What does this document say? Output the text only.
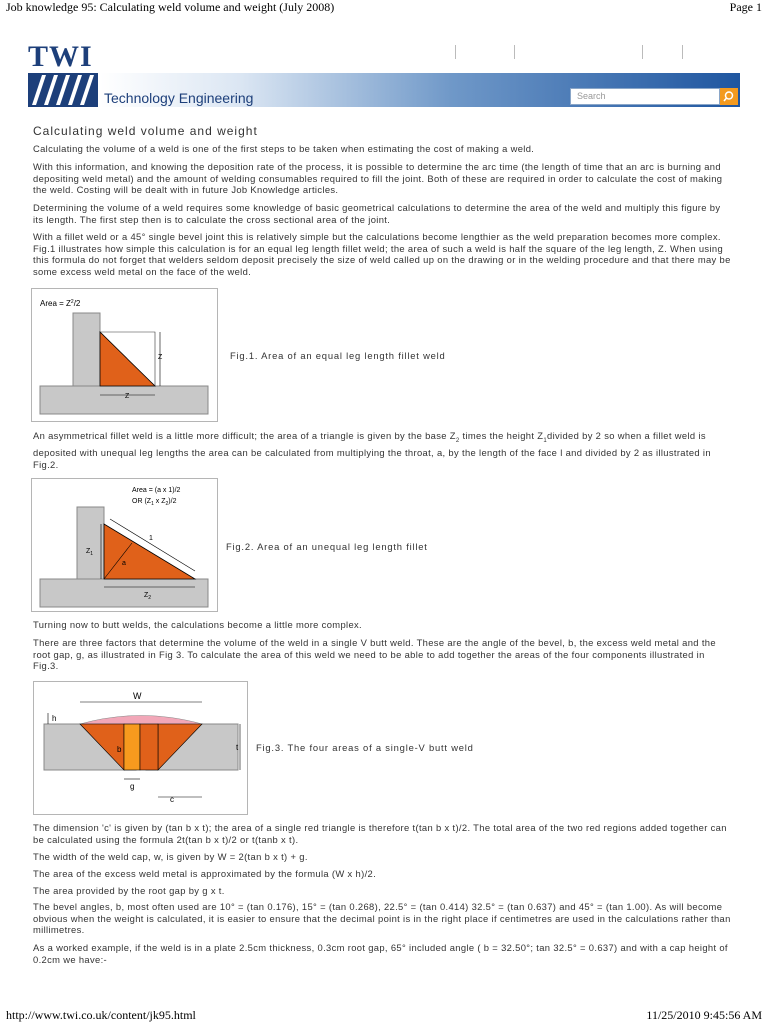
Job knowledge 95: Calculating weld volume and weight (July 2008)	Page 1
TWI
Technology Engineering	Search
Calculating weld volume and weight

Calculating the volume of a weld is one of the first steps to be taken when estimating the cost of making a weld.

With this information, and knowing the deposition rate of the process, it is possible to determine the arc time (the length of time that an arc is burning and depositing weld metal) and the amount of welding consumables required to fill the joint. Both of these are required in order to calculate the cost of making the weld. Costing will be dealt with in future Job Knowledge articles.

Determining the volume of a weld requires some knowledge of basic geometrical calculations to determine the area of the weld and multiply this figure by its length. The first step then is to calculate the cross sectional area of the joint.

With a fillet weld or a 45° single bevel joint this is relatively simple but the calculations become lengthier as the weld preparation becomes more complex. Fig.1 illustrates how simple this calculation is for an equal leg length fillet weld; the area of such a weld is half the square of the leg length, Z. When using this formula do not forget that welders seldom deposit precisely the size of weld called up on the drawing or in the welding procedure and that there may be some excess weld metal on the face of the weld.

An asymmetrical fillet weld is a little more difficult; the area of a triangle is given by the base $Z_2$ times the height $Z_1divided$ by 2 so when a fillet weld is deposited with unequal leg lengths the area can be calculated from multiplying the throat, a, by the length of the face l and divided by 2 as illustrated in Fig.2.

Turning now to butt welds, the calculations become a little more complex.

There are three factors that determine the volume of the weld in a single V butt weld. These are the angle of the bevel, b, the excess weld metal and the root gap, g, as illustrated in Fig 3. To calculate the area of this weld we need to be able to add together the areas of the four components illustrated in Fig.3.

The dimension 'c' is given by (tan b x t); the area of a single red triangle is therefore t(tan b x t)/2. The total area of the two red regions added together can be calculated using the formula 2t(tan b x t)/2 or t(tanb x t).

The width of the weld cap, w, is given by W = 2(tan b x t) + g.

The area of the excess weld metal is approximated by the formula (W x h)/2.

The area provided by the root gap by g x t.

The bevel angles, b, most often used are 10° = (tan 0.176), 15° = (tan 0.268), 22.5° = (tan 0.414) 32.5° = (tan 0.637) and 45° = (tan 1.00). As will become obvious when the weight is calculated, it is easier to ensure that the decimal point is in the right place if centimetres are used in the calculations rather than millimetres.

As a worked example, if the weld is in a plate 2.5cm thickness, 0.3cm root gap, 65° included angle ( b = 32.50°; tan 32.5° = 0.637) and with a cap height of 0.2cm we have:-

Area = $Z^2/2$
Z
Z
Fig.1. Area of an equal leg length fillet weld
Area = (a x 1)/2
OR ($Z_1$ x $Z_2)/2$
1
a
$Z_1$
$Z_2$
Fig.2. Area of an unequal leg length fillet
W
h
b	t
g
c
Fig.3. The four areas of a single-V butt weld
http://www.twi.co.uk/content/jk95.html	11/25/2010 9:45:56 AM
